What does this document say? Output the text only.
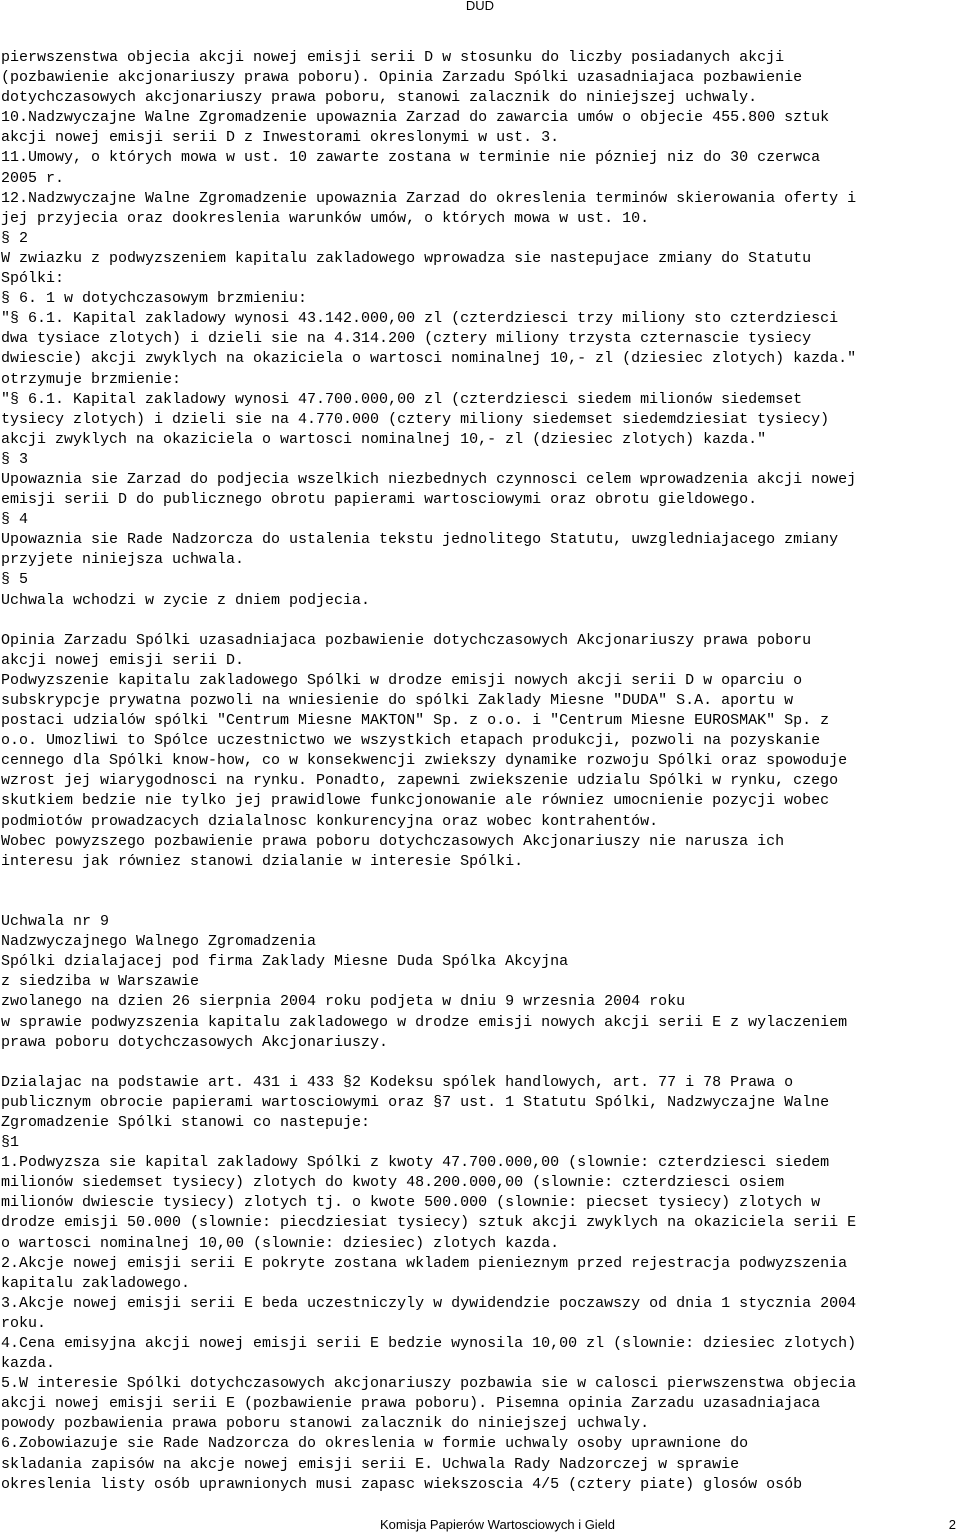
DUD
pierwszenstwa objecia akcji nowej emisji serii D w stosunku do liczby posiadanych akcji
(pozbawienie akcjonariuszy prawa poboru). Opinia Zarzadu Spólki uzasadniajaca pozbawienie
dotychczasowych akcjonariuszy prawa poboru, stanowi zalacznik do niniejszej uchwaly.
10.Nadzwyczajne Walne Zgromadzenie upowaznia Zarzad do zawarcia umów o objecie 455.800 sztuk
akcji nowej emisji serii D z Inwestorami okreslonymi w ust. 3.
11.Umowy, o których mowa w ust. 10 zawarte zostana w terminie nie pózniej niz do 30 czerwca
2005 r.
12.Nadzwyczajne Walne Zgromadzenie upowaznia Zarzad do okreslenia terminów skierowania oferty i
jej przyjecia oraz dookreslenia warunków umów, o których mowa w ust. 10.
§ 2
W zwiazku z podwyzszeniem kapitalu zakladowego wprowadza sie nastepujace zmiany do Statutu
Spólki:
§ 6. 1 w dotychczasowym brzmieniu:
"§ 6.1. Kapital zakladowy wynosi 43.142.000,00 zl (czterdziesci trzy miliony sto czterdziesci
dwa tysiace zlotych) i dzieli sie na 4.314.200 (cztery miliony trzysta czternascie tysiecy
dwiescie) akcji zwyklych na okaziciela o wartosci nominalnej 10,- zl (dziesiec zlotych) kazda."
otrzymuje brzmienie:
"§ 6.1. Kapital zakladowy wynosi 47.700.000,00 zl (czterdziesci siedem milionów siedemset
tysiecy zlotych) i dzieli sie na 4.770.000 (cztery miliony siedemset siedemdziesiat tysiecy)
akcji zwyklych na okaziciela o wartosci nominalnej 10,- zl (dziesiec zlotych) kazda."
§ 3
Upowaznia sie Zarzad do podjecia wszelkich niezbednych czynnosci celem wprowadzenia akcji nowej
emisji serii D do publicznego obrotu papierami wartosciowymi oraz obrotu gieldowego.
§ 4
Upowaznia sie Rade Nadzorcza do ustalenia tekstu jednolitego Statutu, uwzgledniajacego zmiany
przyjete niniejsza uchwala.
§ 5
Uchwala wchodzi w zycie z dniem podjecia.
Opinia Zarzadu Spólki uzasadniajaca pozbawienie dotychczasowych Akcjonariuszy prawa poboru
akcji nowej emisji serii D.
Podwyzszenie kapitalu zakladowego Spólki w drodze emisji nowych akcji serii D w oparciu o
subskrypcje prywatna pozwoli na wniesienie do spólki Zaklady Miesne "DUDA" S.A. aportu w
postaci udzialów spólki "Centrum Miesne MAKTON" Sp. z o.o. i "Centrum Miesne EUROSMAK" Sp. z
o.o. Umozliwi to Spólce uczestnictwo we wszystkich etapach produkcji, pozwoli na pozyskanie
cennego dla Spólki know-how, co w konsekwencji zwiekszy dynamike rozwoju Spólki oraz spowoduje
wzrost jej wiarygodnosci na rynku. Ponadto, zapewni zwiekszenie udzialu Spólki w rynku, czego
skutkiem bedzie nie tylko jej prawidlowe funkcjonowanie ale równiez umocnienie pozycji wobec
podmiotów prowadzacych dzialalnosc konkurencyjna oraz wobec kontrahentów.
Wobec powyzszego pozbawienie prawa poboru dotychczasowych Akcjonariuszy nie narusza ich
interesu jak równiez stanowi dzialanie w interesie Spólki.
Uchwala nr 9
Nadzwyczajnego Walnego Zgromadzenia
Spólki dzialajacej pod firma Zaklady Miesne Duda Spólka Akcyjna
z siedziba w Warszawie
zwolanego na dzien 26 sierpnia 2004 roku podjeta w dniu 9 wrzesnia 2004 roku
w sprawie podwyzszenia kapitalu zakladowego w drodze emisji nowych akcji serii E z wylaczeniem
prawa poboru dotychczasowych Akcjonariuszy.
Dzialajac na podstawie art. 431 i 433 §2 Kodeksu spólek handlowych, art. 77 i 78 Prawa o
publicznym obrocie papierami wartosciowymi oraz §7 ust. 1 Statutu Spólki, Nadzwyczajne Walne
Zgromadzenie Spólki stanowi co nastepuje:
§1
1.Podwyzsza sie kapital zakladowy Spólki z kwoty 47.700.000,00 (slownie: czterdziesci siedem
milionów siedemset tysiecy) zlotych do kwoty 48.200.000,00 (slownie: czterdziesci osiem
milionów dwiescie tysiecy) zlotych tj. o kwote 500.000 (slownie: piecset tysiecy) zlotych w
drodze emisji 50.000 (slownie: piecdziesiat tysiecy) sztuk akcji zwyklych na okaziciela serii E
o wartosci nominalnej 10,00 (slownie: dziesiec) zlotych kazda.
2.Akcje nowej emisji serii E pokryte zostana wkladem pienieznym przed rejestracja podwyzszenia
kapitalu zakladowego.
3.Akcje nowej emisji serii E beda uczestniczyly w dywidendzie poczawszy od dnia 1 stycznia 2004
roku.
4.Cena emisyjna akcji nowej emisji serii E bedzie wynosila 10,00 zl (slownie: dziesiec zlotych)
kazda.
5.W interesie Spólki dotychczasowych akcjonariuszy pozbawia sie w calosci pierwszenstwa objecia
akcji nowej emisji serii E (pozbawienie prawa poboru). Pisemna opinia Zarzadu uzasadniajaca
powody pozbawienia prawa poboru stanowi zalacznik do niniejszej uchwaly.
6.Zobowiazuje sie Rade Nadzorcza do okreslenia w formie uchwaly osoby uprawnione do
skladania zapisów na akcje nowej emisji serii E. Uchwala Rady Nadzorczej w sprawie
okreslenia listy osób uprawnionych musi zapasc wiekszoscia 4/5 (cztery piate) glosów osób
Komisja Papierów Wartosciowych i Gield	2
